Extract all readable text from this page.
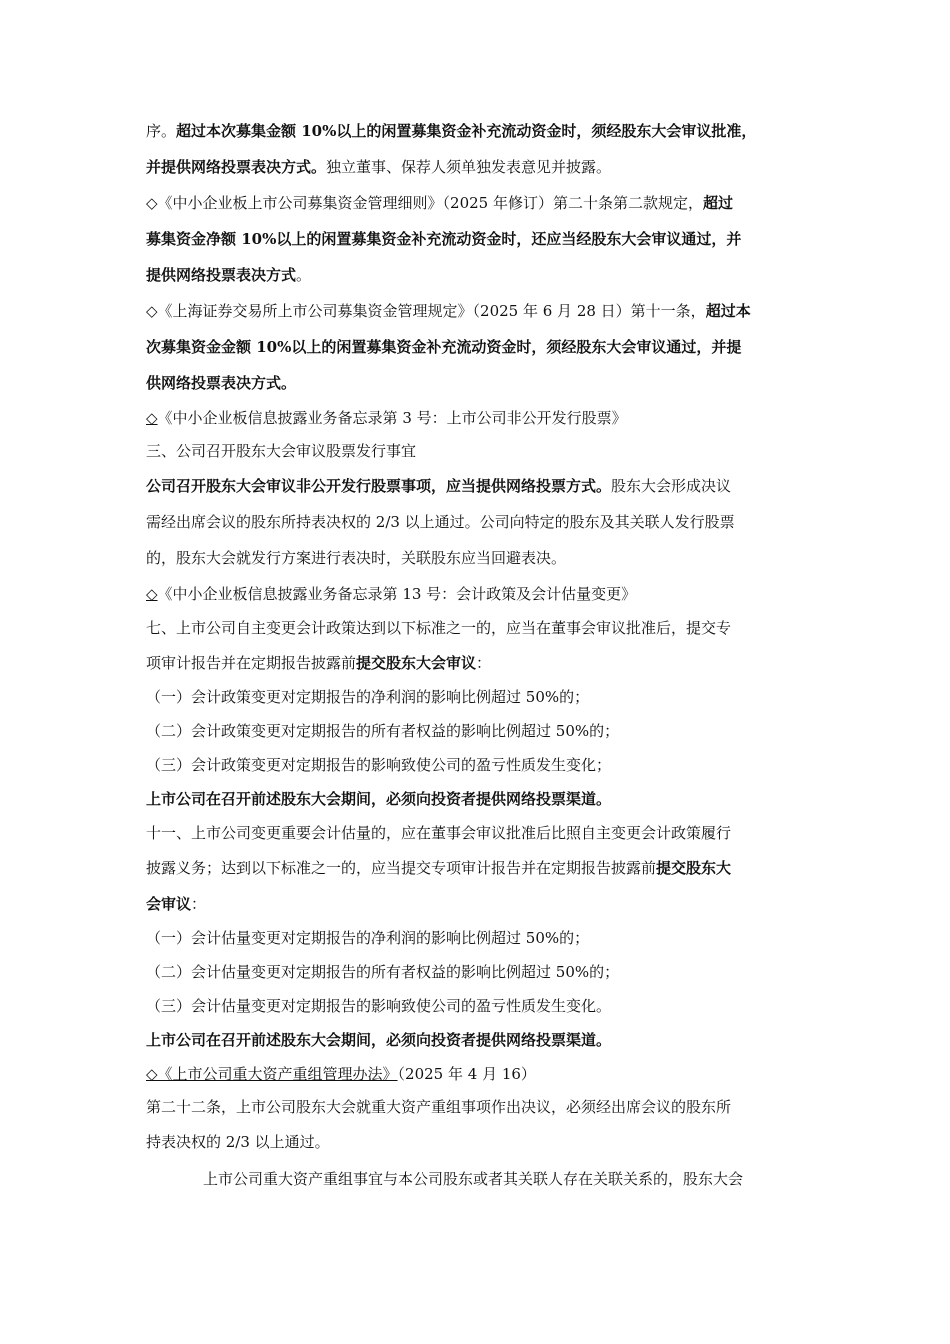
序。超过本次募集金额 10%以上的闲置募集资金补充流动资金时，须经股东大会审议批准，
并提供网络投票表决方式。独立董事、保荐人须单独发表意见并披露。
◇《中小企业板上市公司募集资金管理细则》（2025 年修订）第二十条第二款规定，超过
募集资金净额 10%以上的闲置募集资金补充流动资金时，还应当经股东大会审议通过，并
提供网络投票表决方式。
◇《上海证券交易所上市公司募集资金管理规定》（2025 年 6 月 28 日）第十一条，超过本
次募集资金金额 10%以上的闲置募集资金补充流动资金时，须经股东大会审议通过，并提
供网络投票表决方式。
◇《中小企业板信息披露业务备忘录第 3 号：上市公司非公开发行股票》
三、公司召开股东大会审议股票发行事宜
公司召开股东大会审议非公开发行股票事项，应当提供网络投票方式。股东大会形成决议
需经出席会议的股东所持表决权的 2/3 以上通过。公司向特定的股东及其关联人发行股票
的，股东大会就发行方案进行表决时，关联股东应当回避表决。
◇《中小企业板信息披露业务备忘录第 13 号：会计政策及会计估量变更》
七、上市公司自主变更会计政策达到以下标准之一的，应当在董事会审议批准后，提交专
项审计报告并在定期报告披露前提交股东大会审议：
（一）会计政策变更对定期报告的净利润的影响比例超过 50%的；
（二）会计政策变更对定期报告的所有者权益的影响比例超过 50%的；
（三）会计政策变更对定期报告的影响致使公司的盈亏性质发生变化；
上市公司在召开前述股东大会期间，必须向投资者提供网络投票渠道。
十一、上市公司变更重要会计估量的，应在董事会审议批准后比照自主变更会计政策履行
披露义务；达到以下标准之一的，应当提交专项审计报告并在定期报告披露前提交股东大
会审议：
（一）会计估量变更对定期报告的净利润的影响比例超过 50%的；
（二）会计估量变更对定期报告的所有者权益的影响比例超过 50%的；
（三）会计估量变更对定期报告的影响致使公司的盈亏性质发生变化。
上市公司在召开前述股东大会期间，必须向投资者提供网络投票渠道。
◇《上市公司重大资产重组管理办法》（2025 年 4 月 16）
第二十二条，上市公司股东大会就重大资产重组事项作出决议，必须经出席会议的股东所
持表决权的 2/3 以上通过。
上市公司重大资产重组事宜与本公司股东或者其关联人存在关联关系的，股东大会
